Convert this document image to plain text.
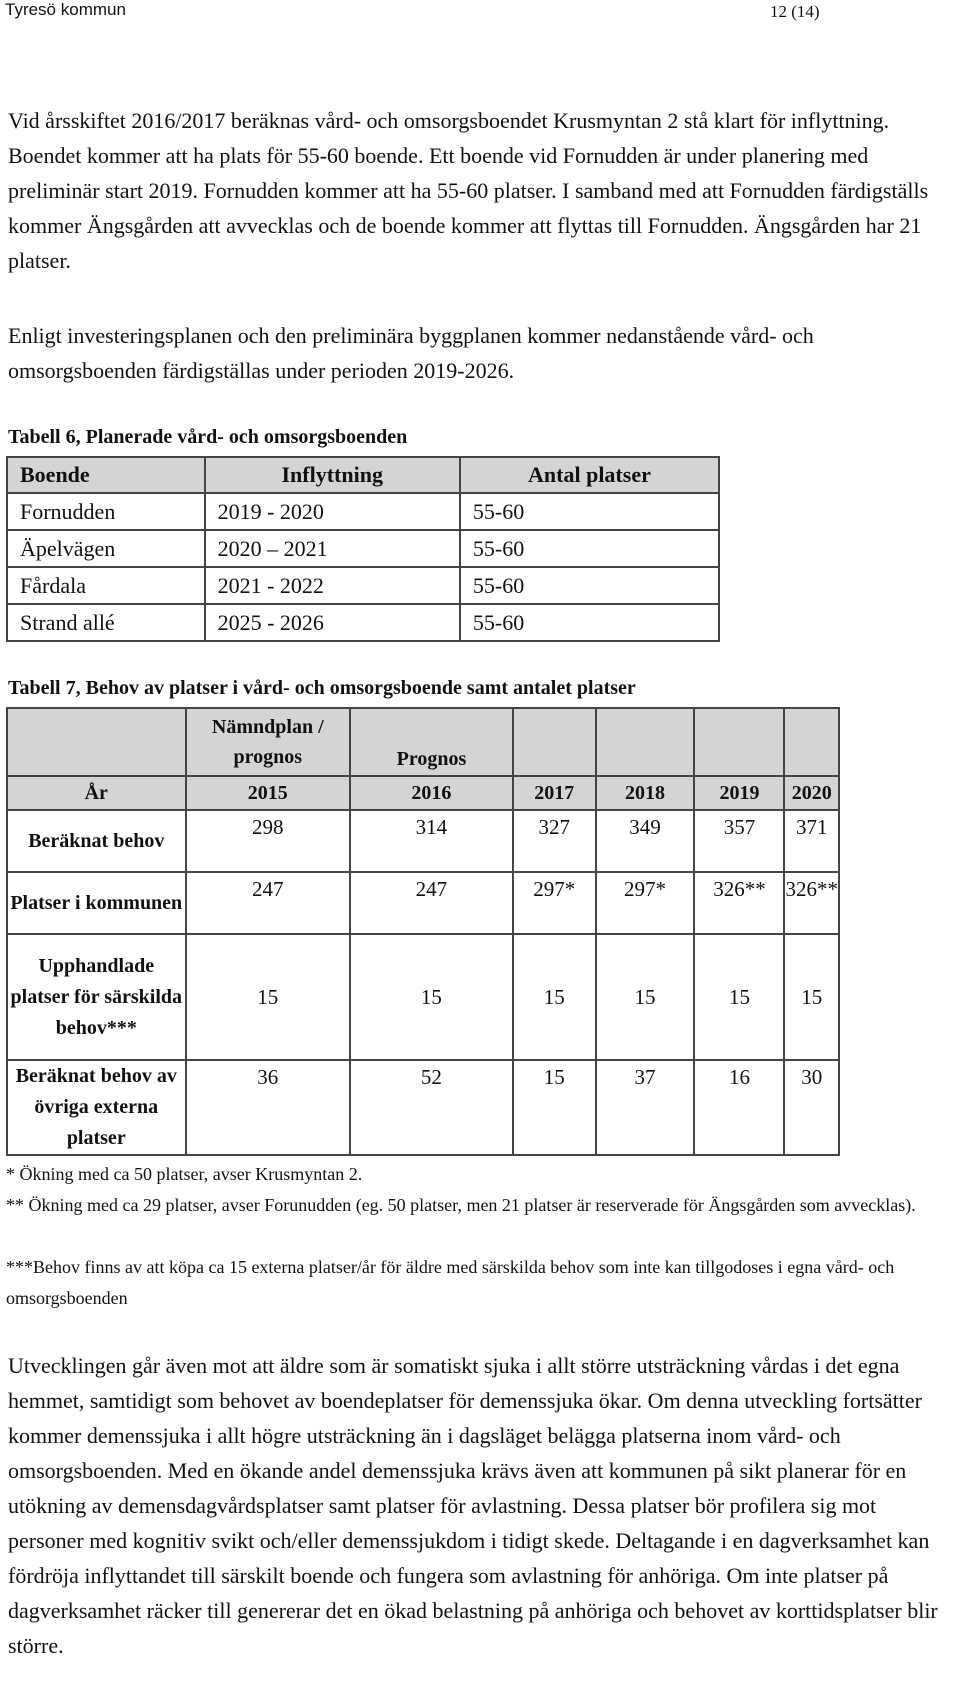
Tyresö kommun	12 (14)

Vid årsskiftet 2016/2017 beräknas vård- och omsorgsboendet Krusmyntan 2 stå klart för inflyttning. Boendet kommer att ha plats för 55-60 boende. Ett boende vid Fornudden är under planering med preliminär start 2019. Fornudden kommer att ha 55-60 platser. I samband med att Fornudden färdigställs kommer Ängsgården att avvecklas och de boende kommer att flyttas till Fornudden. Ängsgården har 21 platser.

Enligt investeringsplanen och den preliminära byggplanen kommer nedanstående vård- och omsorgsboenden färdigställas under perioden 2019-2026.

Tabell 6, Planerade vård- och omsorgsboenden

Boende	Inflyttning	Antal platser
Fornudden	2019 - 2020	55-60
Äpelvägen	2020 – 2021	55-60
Fårdala	2021 - 2022	55-60
Strand allé	2025 - 2026	55-60

Tabell 7, Behov av platser i vård- och omsorgsboende samt antalet platser

	Nämndplan / prognos	Prognos				
År	2015	2016	2017	2018	2019	2020
Beräknat behov	298	314	327	349	357	371
Platser i kommunen	247	247	297*	297*	326**	326**
Upphandlade platser för särskilda behov***	15	15	15	15	15	15
Beräknat behov av övriga externa platser	36	52	15	37	16	30

* Ökning med ca 50 platser, avser Krusmyntan 2.

** Ökning med ca 29 platser, avser Forunudden (eg. 50 platser, men 21 platser är reserverade för Ängsgården som avvecklas).

***Behov finns av att köpa ca 15 externa platser/år för äldre med särskilda behov som inte kan tillgodoses i egna vård- och omsorgsboenden

Utvecklingen går även mot att äldre som är somatiskt sjuka i allt större utsträckning vårdas i det egna hemmet, samtidigt som behovet av boendeplatser för demenssjuka ökar. Om denna utveckling fortsätter kommer demenssjuka i allt högre utsträckning än i dagsläget belägga platserna inom vård- och omsorgsboenden. Med en ökande andel demenssjuka krävs även att kommunen på sikt planerar för en utökning av demensdagvårdsplatser samt platser för avlastning. Dessa platser bör profilera sig mot personer med kognitiv svikt och/eller demenssjukdom i tidigt skede. Deltagande i en dagverksamhet kan fördröja inflyttandet till särskilt boende och fungera som avlastning för anhöriga. Om inte platser på dagverksamhet räcker till genererar det en ökad belastning på anhöriga och behovet av korttidsplatser blir större.
